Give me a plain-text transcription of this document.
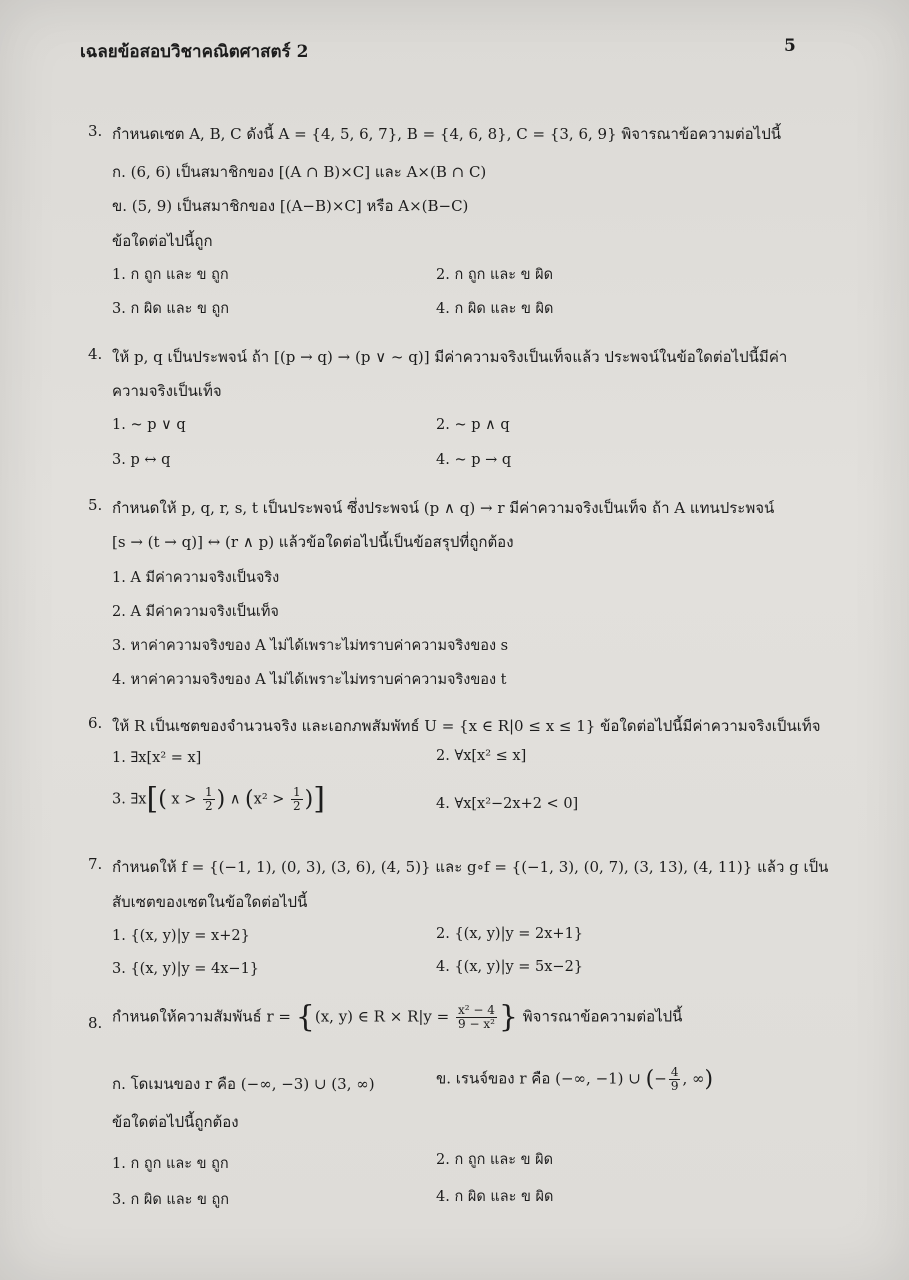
เฉลยข้อสอบวิชาคณิตศาสตร์ 2	5
3. กำหนดเซต A, B, C ดังนี้ A = {4, 5, 6, 7}, B = {4, 6, 8}, C = {3, 6, 9} พิจารณาข้อความต่อไปนี้
ก. (6, 6) เป็นสมาชิกของ [(A ∩ B)×C] และ A×(B ∩ C)
ข. (5, 9) เป็นสมาชิกของ [(A−B)×C] หรือ A×(B−C)
ข้อใดต่อไปนี้ถูก
1. ก ถูก และ ข ถูก	2. ก ถูก และ ข ผิด
3. ก ผิด และ ข ถูก	4. ก ผิด และ ข ผิด
4. ให้ p, q เป็นประพจน์ ถ้า [(p → q) → (p ∨ ~ q)] มีค่าความจริงเป็นเท็จแล้ว ประพจน์ในข้อใดต่อไปนี้มีค่า
ความจริงเป็นเท็จ
1. ~ p ∨ q	2. ~ p ∧ q
3. p ↔ q	4. ~ p → q
5. กำหนดให้ p, q, r, s, t เป็นประพจน์ ซึ่งประพจน์ (p ∧ q) → r มีค่าความจริงเป็นเท็จ ถ้า A แทนประพจน์
[s → (t → q)] ↔ (r ∧ p) แล้วข้อใดต่อไปนี้เป็นข้อสรุปที่ถูกต้อง
1. A มีค่าความจริงเป็นจริง
2. A มีค่าความจริงเป็นเท็จ
3. หาค่าความจริงของ A ไม่ได้เพราะไม่ทราบค่าความจริงของ s
4. หาค่าความจริงของ A ไม่ได้เพราะไม่ทราบค่าความจริงของ t
6. ให้ R เป็นเซตของจำนวนจริง และเอกภพสัมพัทธ์ U = {x ∈ R|0 ≤ x ≤ 1} ข้อใดต่อไปนี้มีค่าความจริงเป็นเท็จ
1. ∃x[x² = x]	2. ∀x[x² ≤ x]
3. ∃x[( $x > \frac{1}{2}$ ) ∧ ($x^2 > \frac{1}{2}$ )]	4. ∀x[x²−2x+2 < 0]
7. กำหนดให้ f = {(−1, 1), (0, 3), (3, 6), (4, 5)} และ g∘f = {(−1, 3), (0, 7), (3, 13), (4, 11)} แล้ว g เป็น
สับเซตของเซตในข้อใดต่อไปนี้
1. {(x, y)|y = x+2}	2. {(x, y)|y = 2x+1}
3. {(x, y)|y = 4x−1}	4. {(x, y)|y = 5x−2}
8. กำหนดให้ความสัมพันธ์ r = {(x, y) ∈ $R \times R|y = \frac{\text{x² − 4}}{\text{9 − x²}}$ } พิจารณาข้อความต่อไปนี้
ก. โดเมนของ r คือ (−∞, −3) ∪ (3, ∞)	ข. เรนจ์ของ r คือ (−∞, −1) ∪ (− $\frac{4}{9}$ , ∞)
ข้อใดต่อไปนี้ถูกต้อง
1. ก ถูก และ ข ถูก	2. ก ถูก และ ข ผิด
3. ก ผิด และ ข ถูก	4. ก ผิด และ ข ผิด
